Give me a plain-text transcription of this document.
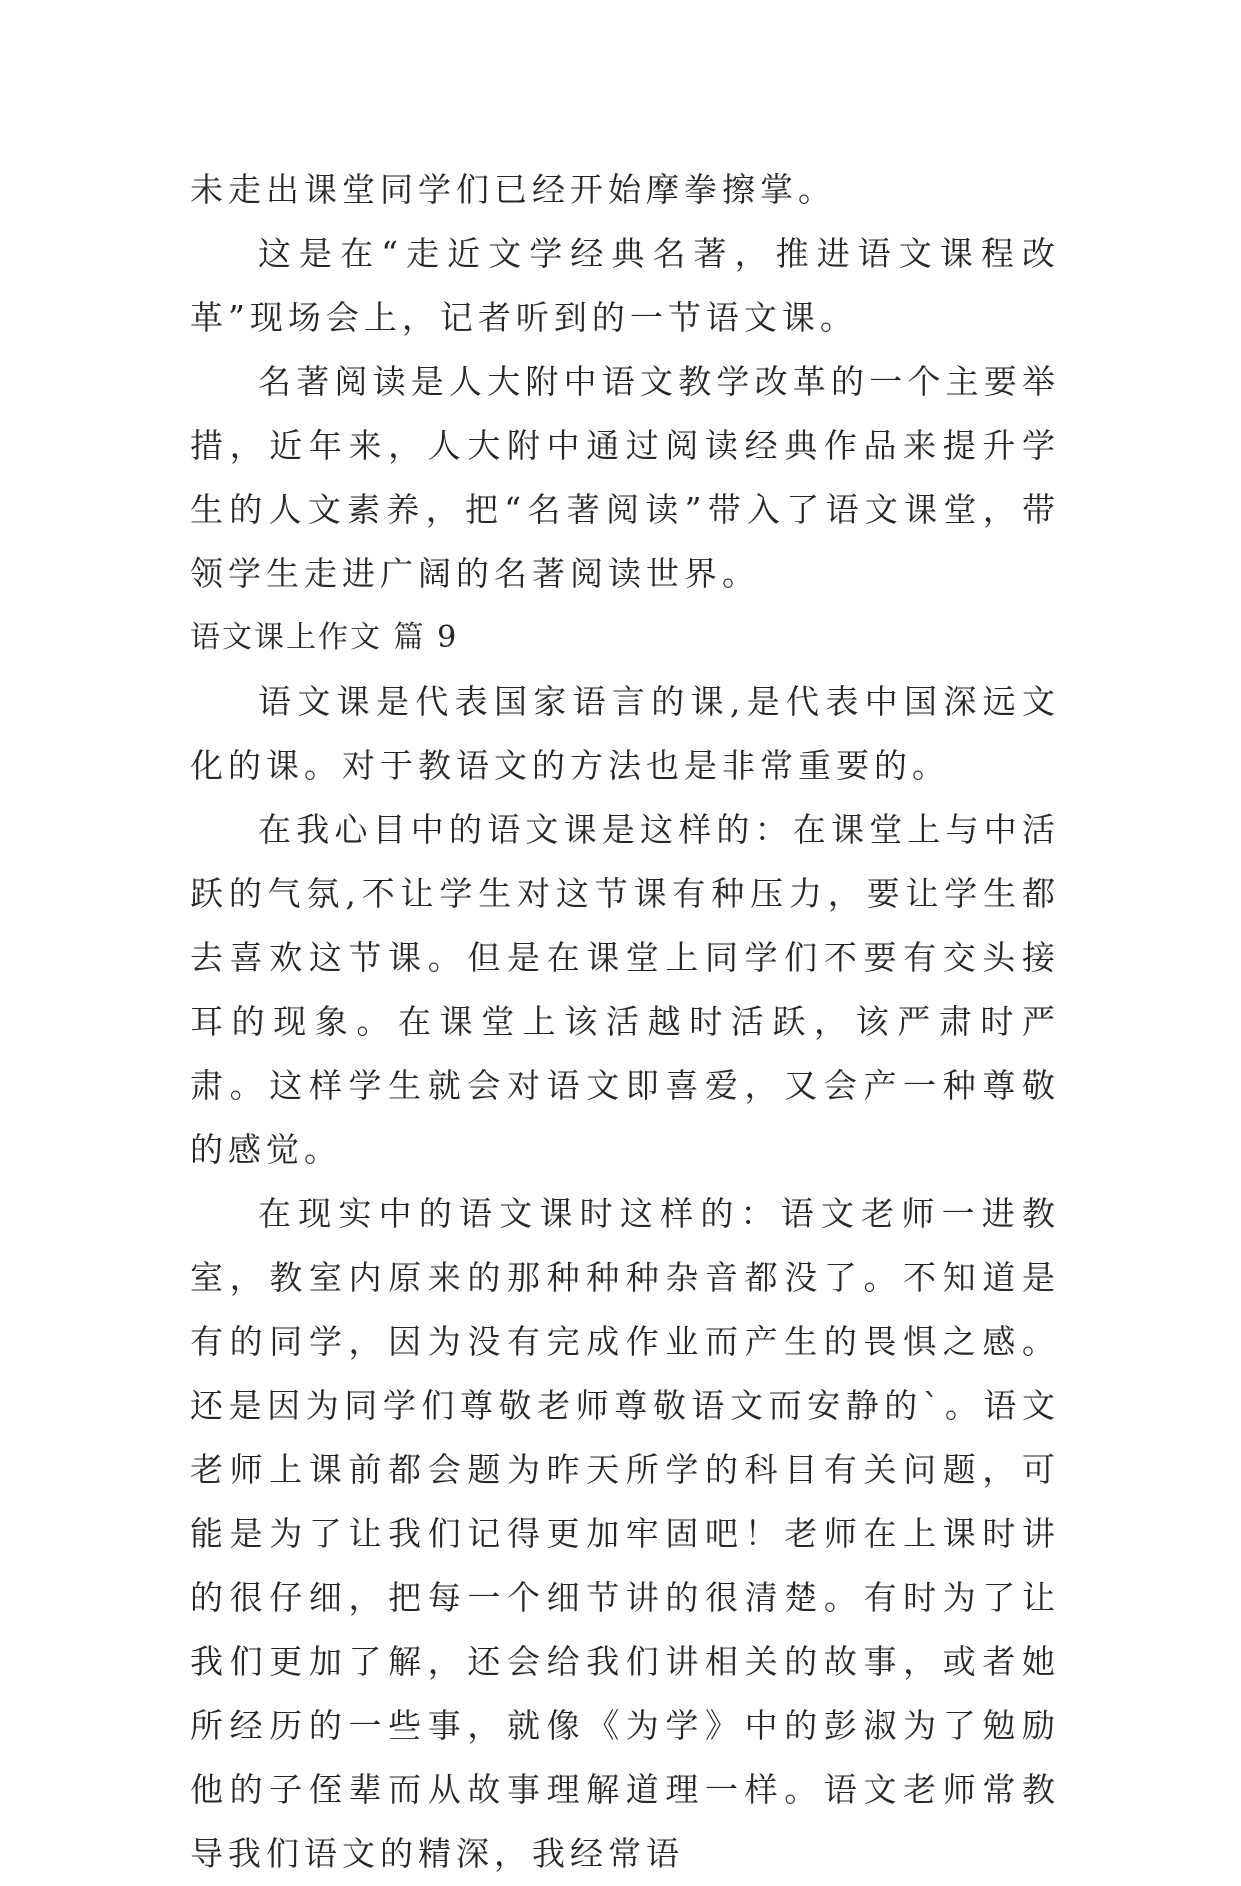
未走出课堂同学们已经开始摩拳擦掌。

这是在“走近文学经典名著，推进语文课程改革”现场会上，记者听到的一节语文课。

名著阅读是人大附中语文教学改革的一个主要举措，近年来，人大附中通过阅读经典作品来提升学生的人文素养，把“名著阅读”带入了语文课堂，带领学生走进广阔的名著阅读世界。

语文课上作文 篇 9

语文课是代表国家语言的课,是代表中国深远文化的课。对于教语文的方法也是非常重要的。

在我心目中的语文课是这样的：在课堂上与中活跃的气氛,不让学生对这节课有种压力，要让学生都去喜欢这节课。但是在课堂上同学们不要有交头接耳的现象。在课堂上该活越时活跃，该严肃时严肃。这样学生就会对语文即喜爱，又会产一种尊敬的感觉。

在现实中的语文课时这样的：语文老师一进教室，教室内原来的那种种种杂音都没了。不知道是有的同学，因为没有完成作业而产生的畏惧之感。还是因为同学们尊敬老师尊敬语文而安静的`。语文老师上课前都会题为昨天所学的科目有关问题，可能是为了让我们记得更加牢固吧！老师在上课时讲的很仔细，把每一个细节讲的很清楚。有时为了让我们更加了解，还会给我们讲相关的故事，或者她所经历的一些事，就像《为学》中的彭淑为了勉励他的子侄辈而从故事理解道理一样。语文老师常教导我们语文的精深，我经常语
